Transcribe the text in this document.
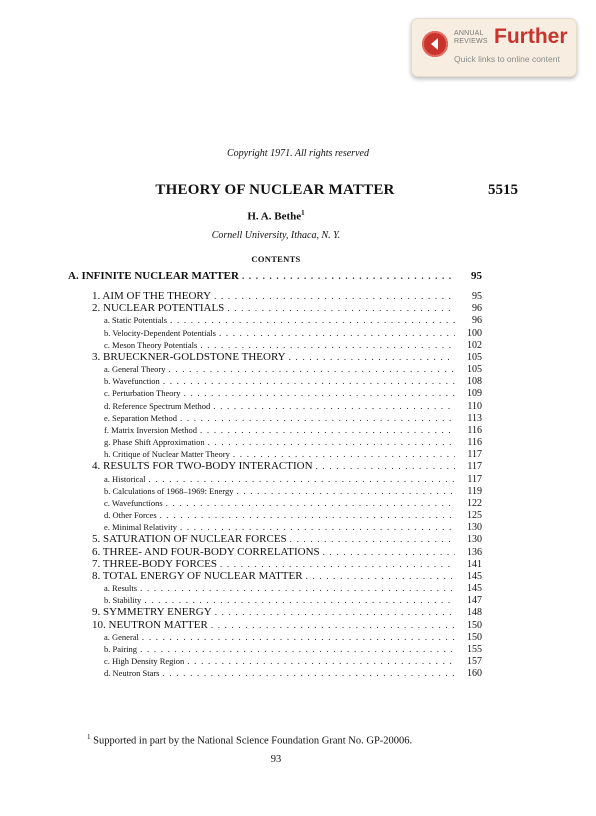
ANNUAL
REVIEWS Further
Quick links to online content
Copyright 1971. All rights reserved
THEORY OF NUCLEAR MATTER	5515
H. A. Bethe$^1$
Cornell University, Ithaca, N. Y.
CONTENTS
A. INFINITE NUCLEAR MATTER . . .	95
1. AIM OF THE THEORY . . .	95
2. NUCLEAR POTENTIALS . . .	96
a. Static Potentials . . .	96
b. Velocity-Dependent Potentials . . .	100
c. Meson Theory Potentials . . .	102
3. BRUECKNER-GOLDSTONE THEORY . . .	105
a. General Theory . . .	105
b. Wavefunction . . .	108
c. Perturbation Theory . . .	109
d. Reference Spectrum Method . . .	110
e. Separation Method . . .	113
f. Matrix Inversion Method . . .	116
g. Phase Shift Approximation . . .	116
h. Critique of Nuclear Matter Theory . . .	117
4. RESULTS FOR TWO-BODY INTERACTION . . .	117
a. Historical . . .	117
b. Calculations of 1968–1969: Energy . . .	119
c. Wavefunctions . . .	122
d. Other Forces . . .	125
e. Minimal Relativity . . .	130
5. SATURATION OF NUCLEAR FORCES . . .	130
6. THREE- AND FOUR-BODY CORRELATIONS . . .	136
7. THREE-BODY FORCES . . .	141
8. TOTAL ENERGY OF NUCLEAR MATTER . . .	145
a. Results . . .	145
b. Stability . . .	147
9. SYMMETRY ENERGY . . .	148
10. NEUTRON MATTER . . .	150
a. General . . .	150
b. Pairing . . .	155
c. High Density Region . . .	157
d. Neutron Stars . . .	160
$^1$ Supported in part by the National Science Foundation Grant No. GP-20006.
93
